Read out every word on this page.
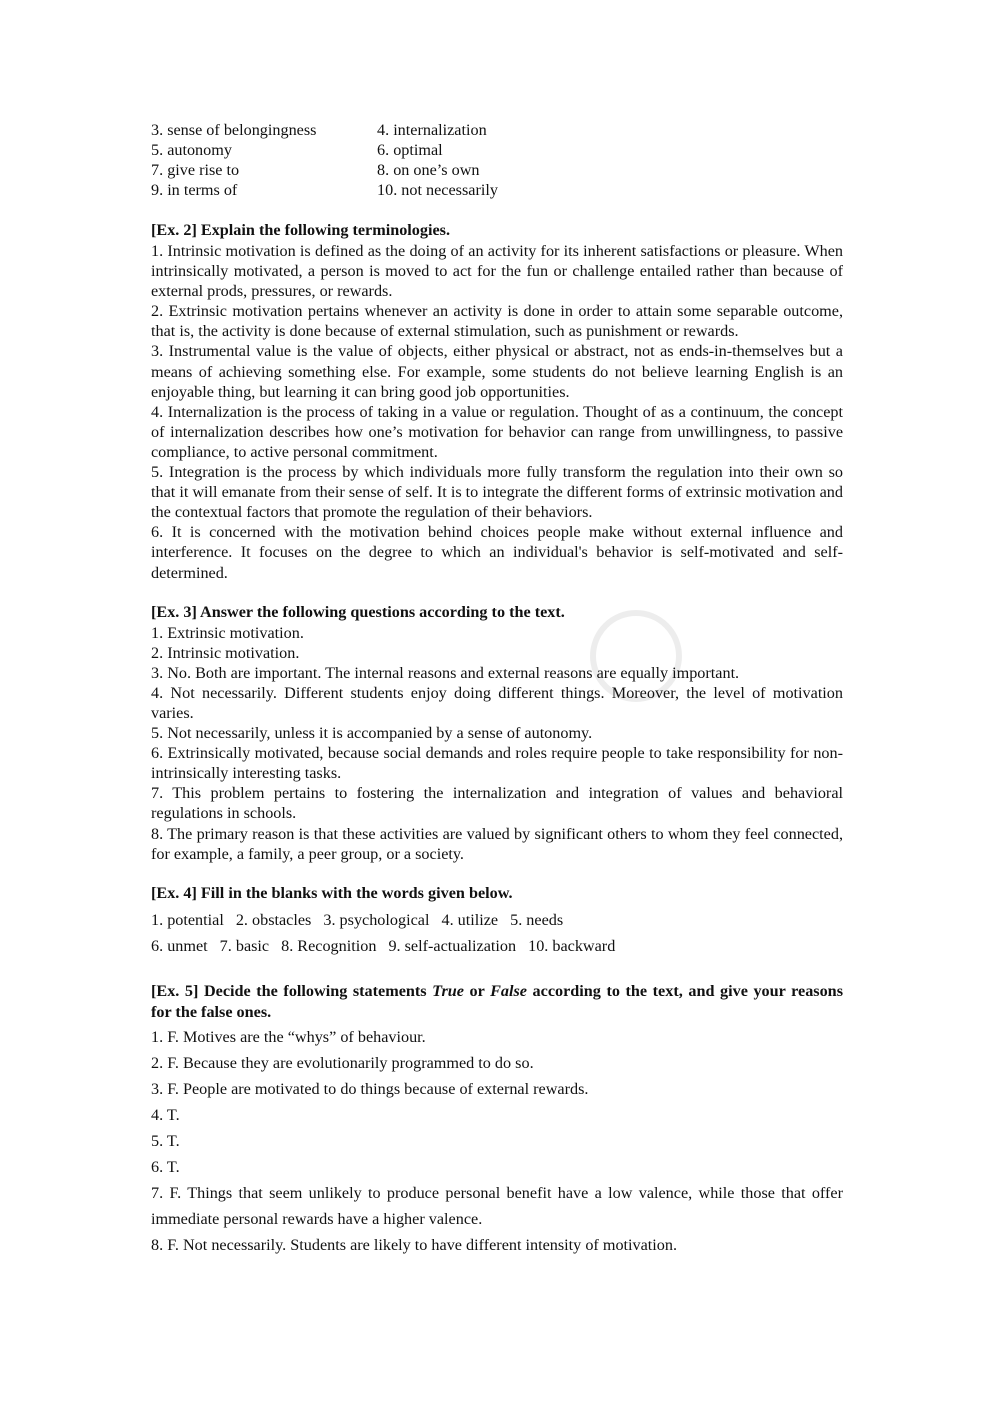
3. sense of belongingness	4. internalization
5. autonomy	6. optimal
7. give rise to	8. on one’s own
9. in terms of	10. not necessarily
[Ex. 2] Explain the following terminologies.

1. Intrinsic motivation is defined as the doing of an activity for its inherent satisfactions or pleasure. When intrinsically motivated, a person is moved to act for the fun or challenge entailed rather than because of external prods, pressures, or rewards.

2. Extrinsic motivation pertains whenever an activity is done in order to attain some separable outcome, that is, the activity is done because of external stimulation, such as punishment or rewards.

3. Instrumental value is the value of objects, either physical or abstract, not as ends-in-themselves but a means of achieving something else. For example, some students do not believe learning English is an enjoyable thing, but learning it can bring good job opportunities.

4. Internalization is the process of taking in a value or regulation. Thought of as a continuum, the concept of internalization describes how one’s motivation for behavior can range from unwillingness, to passive compliance, to active personal commitment.

5. Integration is the process by which individuals more fully transform the regulation into their own so that it will emanate from their sense of self. It is to integrate the different forms of extrinsic motivation and the contextual factors that promote the regulation of their behaviors.

6. It is concerned with the motivation behind choices people make without external influence and interference. It focuses on the degree to which an individual's behavior is self-motivated and self-determined.

[Ex. 3] Answer the following questions according to the text.

1. Extrinsic motivation.

2. Intrinsic motivation.

3. No. Both are important. The internal reasons and external reasons are equally important.

4. Not necessarily. Different students enjoy doing different things. Moreover, the level of motivation varies.

5. Not necessarily, unless it is accompanied by a sense of autonomy.

6. Extrinsically motivated, because social demands and roles require people to take responsibility for non-intrinsically interesting tasks.

7. This problem pertains to fostering the internalization and integration of values and behavioral regulations in schools.

8. The primary reason is that these activities are valued by significant others to whom they feel connected, for example, a family, a peer group, or a society.

[Ex. 4] Fill in the blanks with the words given below.
1. potential 2. obstacles 3. psychological 4. utilize 5. needs
6. unmet 7. basic 8. Recognition 9. self-actualization 10. backward
[Ex. 5] Decide the following statements True or False according to the text, and give your reasons for the false ones.

1. F. Motives are the “whys” of behaviour.

2. F. Because they are evolutionarily programmed to do so.

3. F. People are motivated to do things because of external rewards.

4. T.

5. T.

6. T.

7. F. Things that seem unlikely to produce personal benefit have a low valence, while those that offer immediate personal rewards have a higher valence.

8. F. Not necessarily. Students are likely to have different intensity of motivation.
